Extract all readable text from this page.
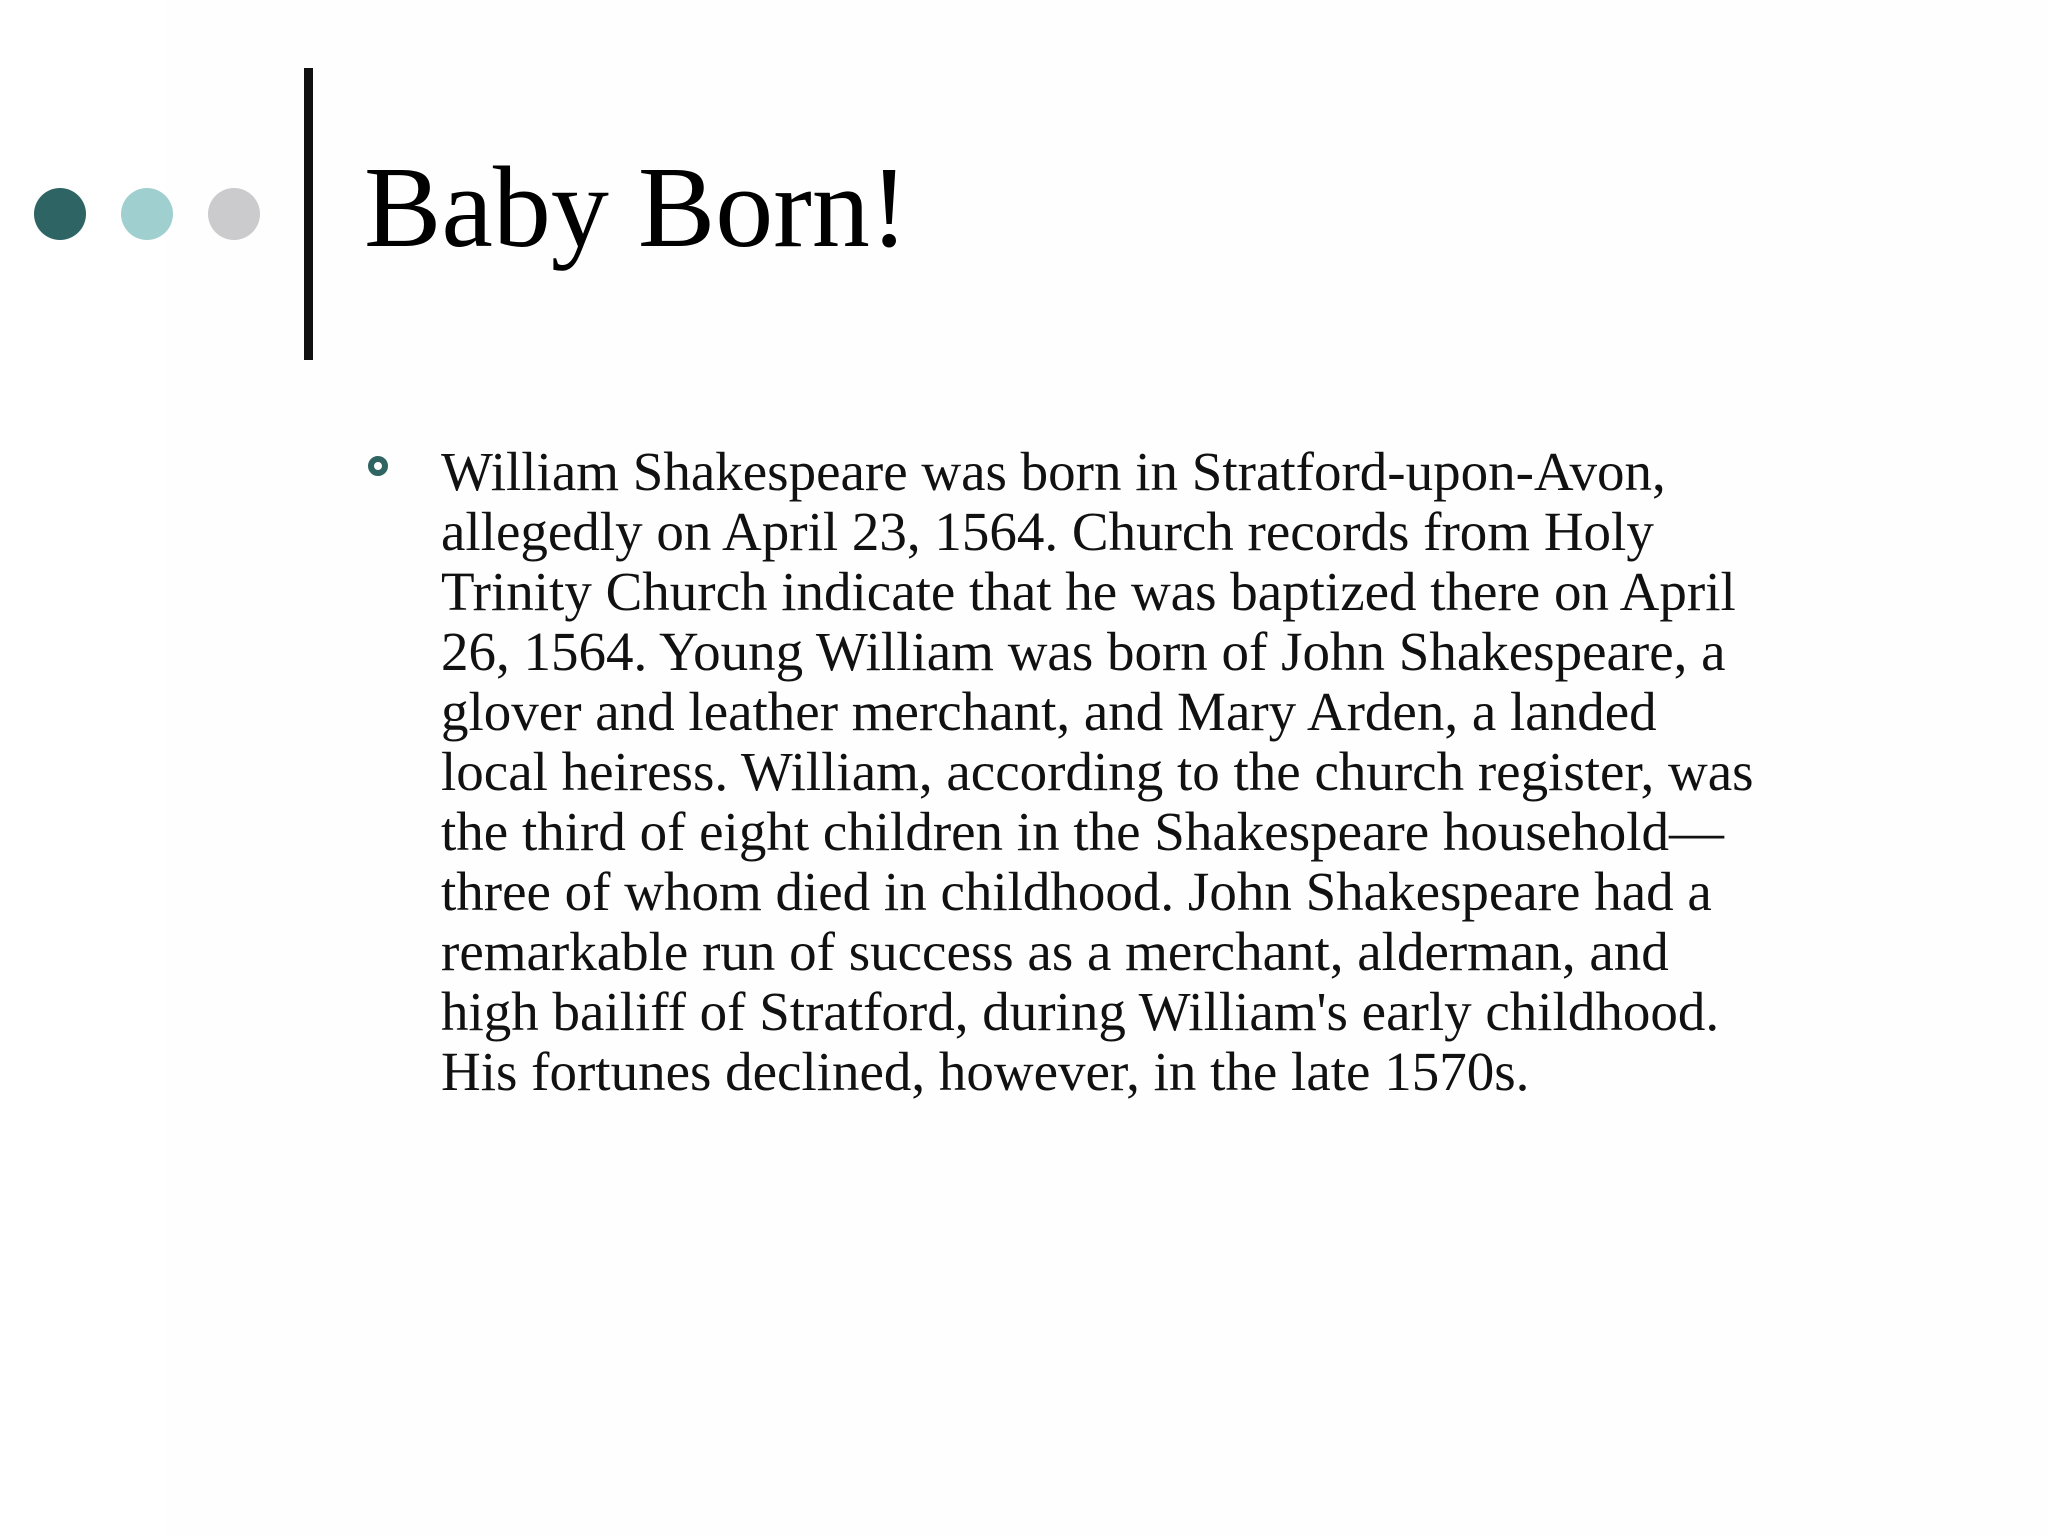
Baby Born!

William Shakespeare was born in Stratford-upon-Avon,
allegedly on April 23, 1564. Church records from Holy
Trinity Church indicate that he was baptized there on April
26, 1564. Young William was born of John Shakespeare, a
glover and leather merchant, and Mary Arden, a landed
local heiress. William, according to the church register, was
the third of eight children in the Shakespeare household—
three of whom died in childhood. John Shakespeare had a
remarkable run of success as a merchant, alderman, and
high bailiff of Stratford, during William's early childhood.
His fortunes declined, however, in the late 1570s.
